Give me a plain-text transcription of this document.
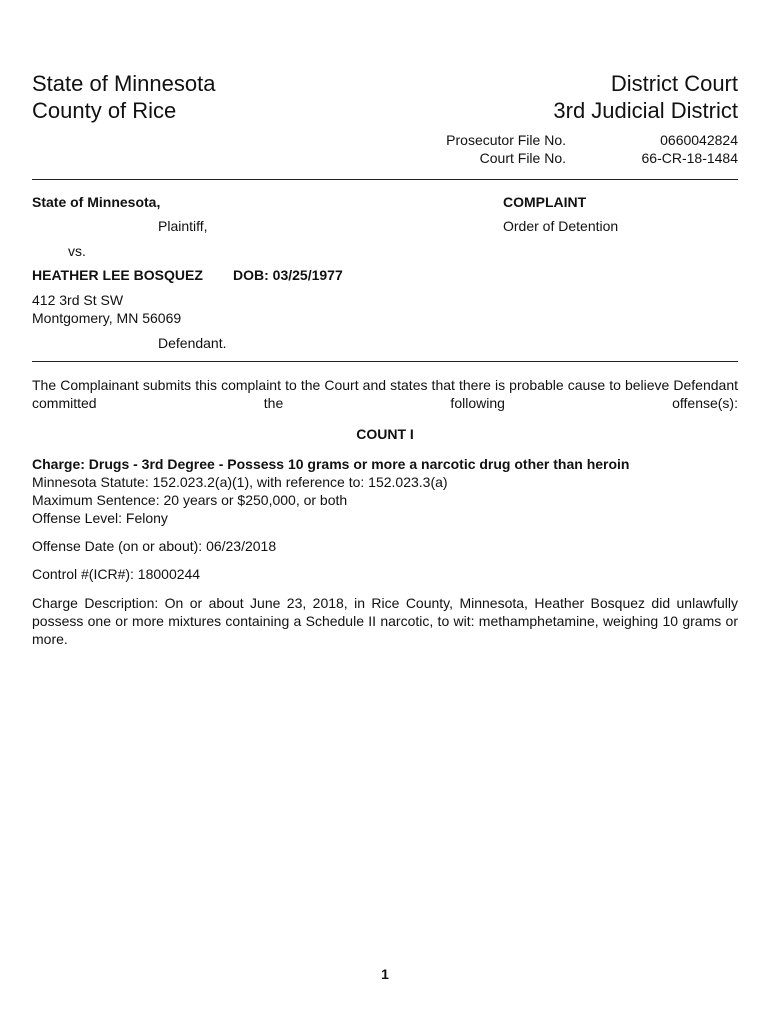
State of Minnesota
County of Rice
District Court
3rd Judicial District
Prosecutor File No.	0660042824
Court File No.	66-CR-18-1484
State of Minnesota,
Plaintiff,
vs.
HEATHER LEE BOSQUEZ DOB: 03/25/1977
412 3rd St SW
Montgomery, MN 56069
Defendant.
COMPLAINT
Order of Detention
The Complainant submits this complaint to the Court and states that there is probable cause to believe Defendant committed the following offense(s):
COUNT I
Charge: Drugs - 3rd Degree - Possess 10 grams or more a narcotic drug other than heroin
Minnesota Statute: 152.023.2(a)(1), with reference to: 152.023.3(a)
Maximum Sentence: 20 years or $250,000, or both
Offense Level: Felony
Offense Date (on or about): 06/23/2018
Control #(ICR#): 18000244
Charge Description: On or about June 23, 2018, in Rice County, Minnesota, Heather Bosquez did unlawfully possess one or more mixtures containing a Schedule II narcotic, to wit: methamphetamine, weighing 10 grams or more.
1
